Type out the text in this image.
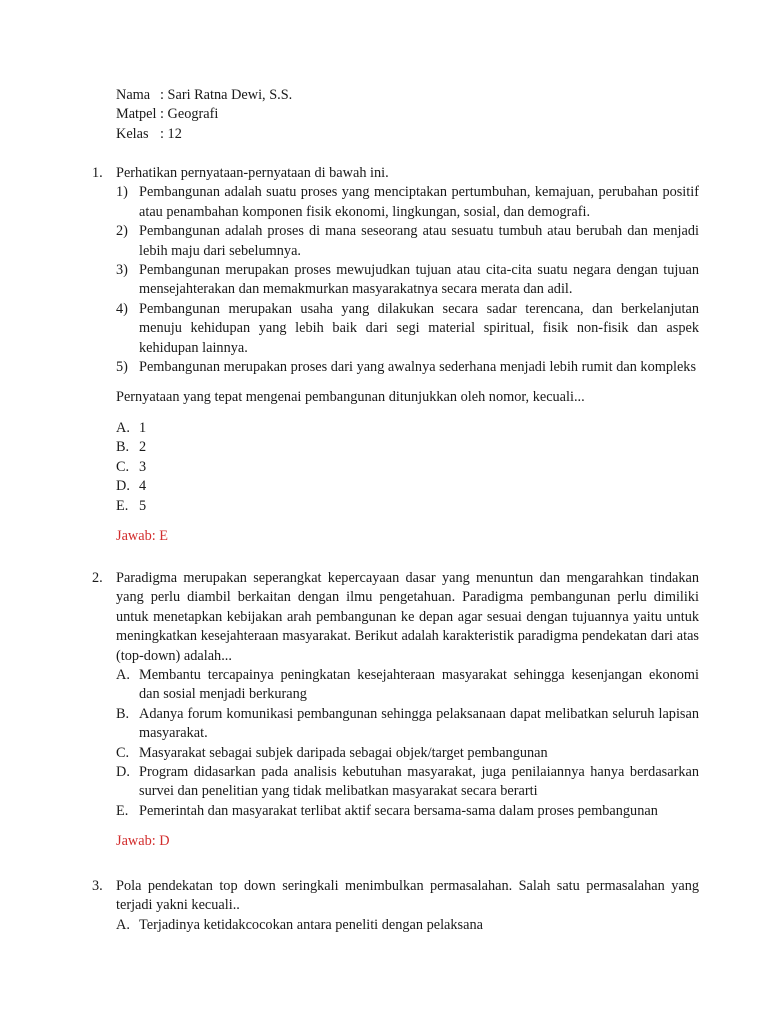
Nama : Sari Ratna Dewi, S.S.
Matpel : Geografi
Kelas : 12
1. Perhatikan pernyataan-pernyataan di bawah ini.
1) Pembangunan adalah suatu proses yang menciptakan pertumbuhan, kemajuan, perubahan positif atau penambahan komponen fisik ekonomi, lingkungan, sosial, dan demografi.
2) Pembangunan adalah proses di mana seseorang atau sesuatu tumbuh atau berubah dan menjadi lebih maju dari sebelumnya.
3) Pembangunan merupakan proses mewujudkan tujuan atau cita-cita suatu negara dengan tujuan mensejahterakan dan memakmurkan masyarakatnya secara merata dan adil.
4) Pembangunan merupakan usaha yang dilakukan secara sadar terencana, dan berkelanjutan menuju kehidupan yang lebih baik dari segi material spiritual, fisik non-fisik dan aspek kehidupan lainnya.
5) Pembangunan merupakan proses dari yang awalnya sederhana menjadi lebih rumit dan kompleks
Pernyataan yang tepat mengenai pembangunan ditunjukkan oleh nomor, kecuali...
A. 1
B. 2
C. 3
D. 4
E. 5
Jawab: E
2. Paradigma merupakan seperangkat kepercayaan dasar yang menuntun dan mengarahkan tindakan yang perlu diambil berkaitan dengan ilmu pengetahuan. Paradigma pembangunan perlu dimiliki untuk menetapkan kebijakan arah pembangunan ke depan agar sesuai dengan tujuannya yaitu untuk meningkatkan kesejahteraan masyarakat. Berikut adalah karakteristik paradigma pendekatan dari atas (top-down) adalah...
A. Membantu tercapainya peningkatan kesejahteraan masyarakat sehingga kesenjangan ekonomi dan sosial menjadi berkurang
B. Adanya forum komunikasi pembangunan sehingga pelaksanaan dapat melibatkan seluruh lapisan masyarakat.
C. Masyarakat sebagai subjek daripada sebagai objek/target pembangunan
D. Program didasarkan pada analisis kebutuhan masyarakat, juga penilaiannya hanya berdasarkan survei dan penelitian yang tidak melibatkan masyarakat secara berarti
E. Pemerintah dan masyarakat terlibat aktif secara bersama-sama dalam proses pembangunan
Jawab: D
3. Pola pendekatan top down seringkali menimbulkan permasalahan. Salah satu permasalahan yang terjadi yakni kecuali..
A. Terjadinya ketidakcocokan antara peneliti dengan pelaksana
